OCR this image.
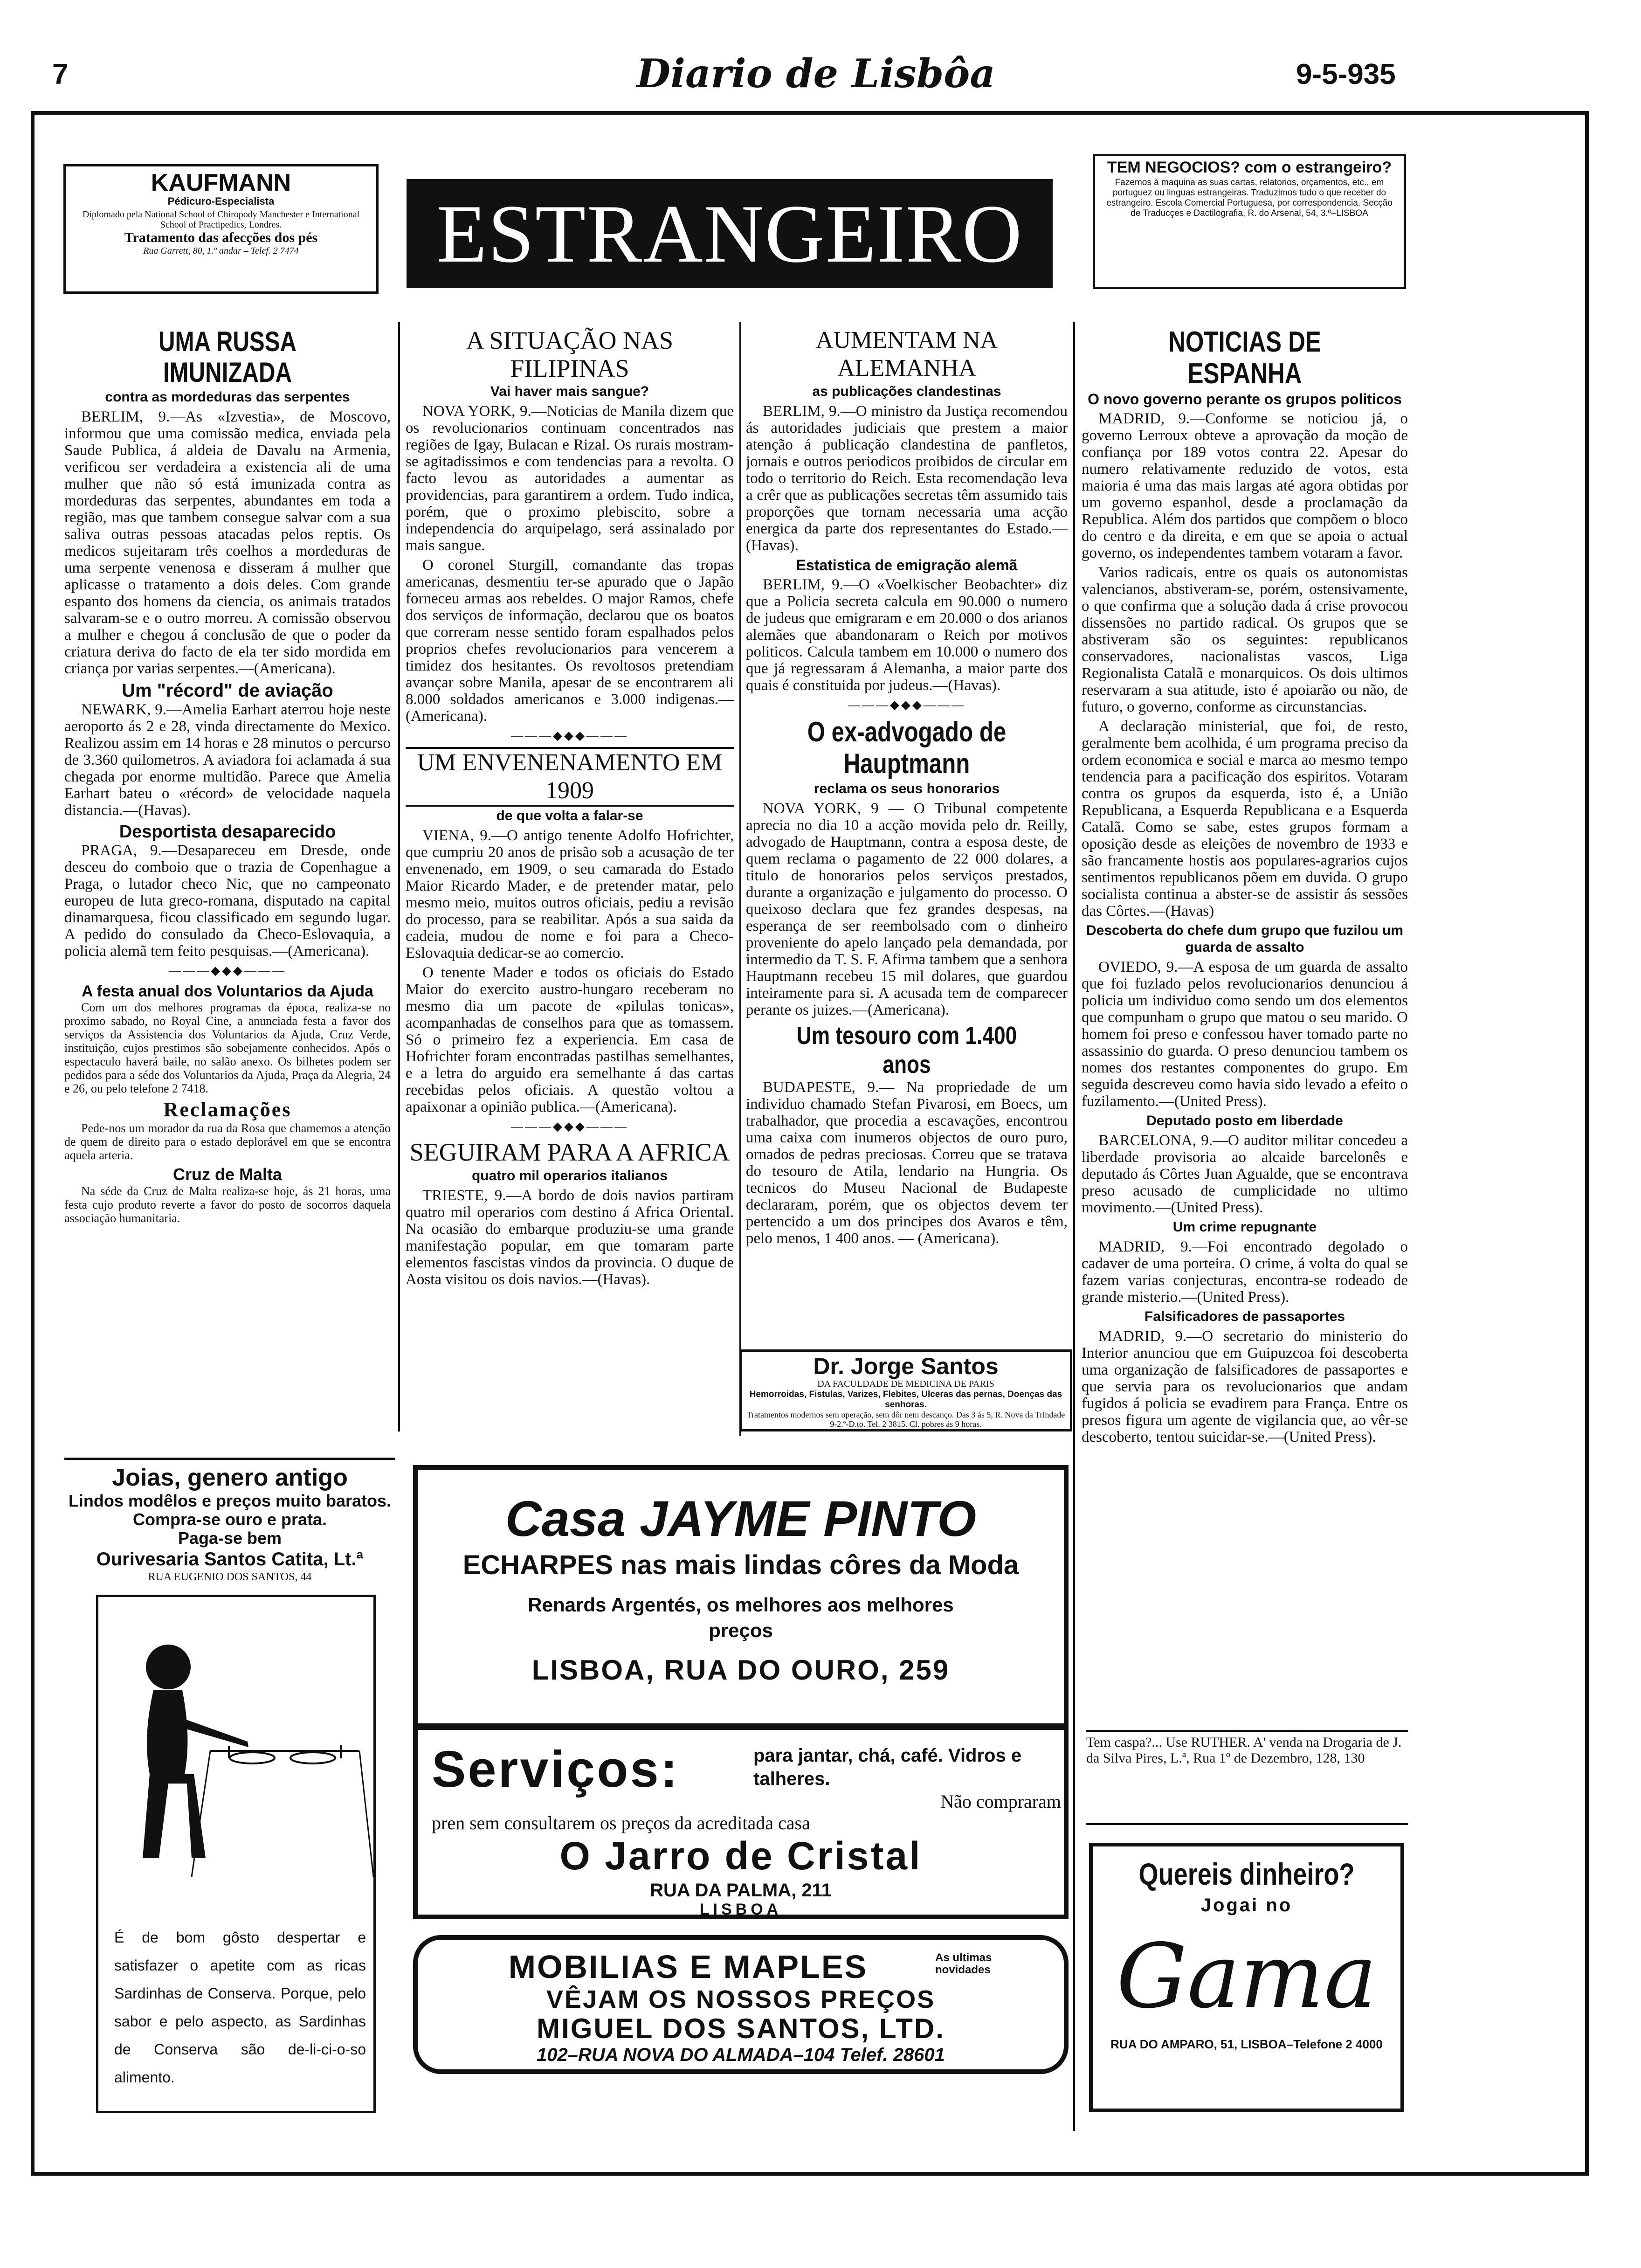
7	Diario de Lisbôa	9-5-935
KAUFMANN
Pédicuro-Especialista
Diplomado pela National School of Chiropody Manchester e International School of Practipedics, Londres.
Tratamento das afecções dos pés
Rua Garrett, 80, 1.º andar – Telef. 2 7474	ESTRANGEIRO
TEM NEGOCIOS? com o estrangeiro?
Fazemos à maquina as suas cartas, relatorios, orçamentos, etc., em portuguez ou linguas estrangeiras. Traduzimos tudo o que receber do estrangeiro. Escola Comercial Portuguesa, por correspondencia. Secção de Traducçes e Dactilografia, R. do Arsenal, 54, 3.º–LISBOA
UMA RUSSA IMUNIZADA
contra as mordeduras das serpentes

BERLIM, 9.—As «Izvestia», de Moscovo, informou que uma comissão medica, enviada pela Saude Publica, á aldeia de Davalu na Armenia, verificou ser verdadeira a existencia ali de uma mulher que não só está imunizada contra as mordeduras das serpentes, abundantes em toda a região, mas que tambem consegue salvar com a sua saliva outras pessoas atacadas pelos reptis. Os medicos sujeitaram três coelhos a mordeduras de uma serpente venenosa e disseram á mulher que aplicasse o tratamento a dois deles. Com grande espanto dos homens da ciencia, os animais tratados salvaram-se e o outro morreu. A comissão observou a mulher e chegou á conclusão de que o poder da criatura deriva do facto de ela ter sido mordida em criança por varias serpentes.—(Americana).

Um "récord" de aviação

NEWARK, 9.—Amelia Earhart aterrou hoje neste aeroporto ás 2 e 28, vinda directamente do Mexico. Realizou assim em 14 horas e 28 minutos o percurso de 3.360 quilometros. A aviadora foi aclamada á sua chegada por enorme multidão. Parece que Amelia Earhart bateu o «récord» de velocidade naquela distancia.—(Havas).

Desportista desaparecido

PRAGA, 9.—Desapareceu em Dresde, onde desceu do comboio que o trazia de Copenhague a Praga, o lutador checo Nic, que no campeonato europeu de luta greco-romana, disputado na capital dinamarquesa, ficou classificado em segundo lugar. A pedido do consulado da Checo-Eslovaquia, a policia alemã tem feito pesquisas.—(Americana).

———◆◆◆———
A festa anual dos Voluntarios da Ajuda

Com um dos melhores programas da época, realiza-se no proximo sabado, no Royal Cine, a anunciada festa a favor dos serviços da Assistencia dos Voluntarios da Ajuda, Cruz Verde, instituição, cujos prestimos são sobejamente conhecidos. Após o espectaculo haverá baile, no salão anexo. Os bilhetes podem ser pedidos para a séde dos Voluntarios da Ajuda, Praça da Alegria, 24 e 26, ou pelo telefone 2 7418.

Reclamações

Pede-nos um morador da rua da Rosa que chamemos a atenção de quem de direito para o estado deplorável em que se encontra aquela arteria.

Cruz de Malta

Na séde da Cruz de Malta realiza-se hoje, ás 21 horas, uma festa cujo produto reverte a favor do posto de socorros daquela associação humanitaria.

Joias, genero antigo
Lindos modêlos e preços muito baratos. Compra-se ouro e prata.
Paga-se bem
Ourivesaria Santos Catita, Lt.ª
RUA EUGENIO DOS SANTOS, 44
É de bom gôsto despertar e satisfazer o apetite com as ricas Sardinhas de Conserva. Porque, pelo sabor e pelo aspecto, as Sardinhas de Conserva são de-li-ci-o-so alimento.
A SITUAÇÃO NAS FILIPINAS
Vai haver mais sangue?

NOVA YORK, 9.—Noticias de Manila dizem que os revolucionarios continuam concentrados nas regiões de Igay, Bulacan e Rizal. Os rurais mostram-se agitadissimos e com tendencias para a revolta. O facto levou as autoridades a aumentar as providencias, para garantirem a ordem. Tudo indica, porém, que o proximo plebiscito, sobre a independencia do arquipelago, será assinalado por mais sangue.

O coronel Sturgill, comandante das tropas americanas, desmentiu ter-se apurado que o Japão forneceu armas aos rebeldes. O major Ramos, chefe dos serviços de informação, declarou que os boatos que correram nesse sentido foram espalhados pelos proprios chefes revolucionarios para vencerem a timidez dos hesitantes. Os revoltosos pretendiam avançar sobre Manila, apesar de se encontrarem ali 8.000 soldados americanos e 3.000 indigenas.—(Americana).

———◆◆◆———
UM ENVENENAMENTO EM 1909
de que volta a falar-se

VIENA, 9.—O antigo tenente Adolfo Hofrichter, que cumpriu 20 anos de prisão sob a acusação de ter envenenado, em 1909, o seu camarada do Estado Maior Ricardo Mader, e de pretender matar, pelo mesmo meio, muitos outros oficiais, pediu a revisão do processo, para se reabilitar. Após a sua saida da cadeia, mudou de nome e foi para a Checo-Eslovaquia dedicar-se ao comercio.

O tenente Mader e todos os oficiais do Estado Maior do exercito austro-hungaro receberam no mesmo dia um pacote de «pilulas tonicas», acompanhadas de conselhos para que as tomassem. Só o primeiro fez a experiencia. Em casa de Hofrichter foram encontradas pastilhas semelhantes, e a letra do arguido era semelhante á das cartas recebidas pelos oficiais. A questão voltou a apaixonar a opinião publica.—(Americana).

———◆◆◆———
SEGUIRAM PARA A AFRICA
quatro mil operarios italianos

TRIESTE, 9.—A bordo de dois navios partiram quatro mil operarios com destino á Africa Oriental. Na ocasião do embarque produziu-se uma grande manifestação popular, em que tomaram parte elementos fascistas vindos da provincia. O duque de Aosta visitou os dois navios.—(Havas).

AUMENTAM NA ALEMANHA
as publicações clandestinas

BERLIM, 9.—O ministro da Justiça recomendou ás autoridades judiciais que prestem a maior atenção á publicação clandestina de panfletos, jornais e outros periodicos proibidos de circular em todo o territorio do Reich. Esta recomendação leva a crêr que as publicações secretas têm assumido tais proporções que tornam necessaria uma acção energica da parte dos representantes do Estado.—(Havas).

Estatistica de emigração alemã

BERLIM, 9.—O «Voelkischer Beobachter» diz que a Policia secreta calcula em 90.000 o numero de judeus que emigraram e em 20.000 o dos arianos alemães que abandonaram o Reich por motivos politicos. Calcula tambem em 10.000 o numero dos que já regressaram á Alemanha, a maior parte dos quais é constituida por judeus.—(Havas).

———◆◆◆———
O ex-advogado de Hauptmann
reclama os seus honorarios

NOVA YORK, 9 — O Tribunal competente aprecia no dia 10 a acção movida pelo dr. Reilly, advogado de Hauptmann, contra a esposa deste, de quem reclama o pagamento de 22 000 dolares, a titulo de honorarios pelos serviços prestados, durante a organização e julgamento do processo. O queixoso declara que fez grandes despesas, na esperança de ser reembolsado com o dinheiro proveniente do apelo lançado pela demandada, por intermedio da T. S. F. Afirma tambem que a senhora Hauptmann recebeu 15 mil dolares, que guardou inteiramente para si. A acusada tem de comparecer perante os juizes.—(Americana).

Um tesouro com 1.400 anos

BUDAPESTE, 9.— Na propriedade de um individuo chamado Stefan Pivarosi, em Boecs, um trabalhador, que procedia a escavações, encontrou uma caixa com inumeros objectos de ouro puro, ornados de pedras preciosas. Correu que se tratava do tesouro de Atila, lendario na Hungria. Os tecnicos do Museu Nacional de Budapeste declararam, porém, que os objectos devem ter pertencido a um dos principes dos Avaros e têm, pelo menos, 1 400 anos. — (Americana).

Dr. Jorge Santos
DA FACULDADE DE MEDICINA DE PARIS
Hemorroidas, Fistulas, Varizes, Flebites, Ulceras das pernas, Doenças das senhoras.
Tratamentos modernos sem operação, sem dôr nem descanço. Das 3 ás 5, R. Nova da Trindade 9-2.º-D.to. Tel. 2 3815. Cl. pobres ás 9 horas.
NOTICIAS DE ESPANHA
O novo governo perante os grupos politicos

MADRID, 9.—Conforme se noticiou já, o governo Lerroux obteve a aprovação da moção de confiança por 189 votos contra 22. Apesar do numero relativamente reduzido de votos, esta maioria é uma das mais largas até agora obtidas por um governo espanhol, desde a proclamação da Republica. Além dos partidos que compõem o bloco do centro e da direita, e em que se apoia o actual governo, os independentes tambem votaram a favor.

Varios radicais, entre os quais os autonomistas valencianos, abstiveram-se, porém, ostensivamente, o que confirma que a solução dada á crise provocou dissensões no partido radical. Os grupos que se abstiveram são os seguintes: republicanos conservadores, nacionalistas vascos, Liga Regionalista Catalã e monarquicos. Os dois ultimos reservaram a sua atitude, isto é apoiarão ou não, de futuro, o governo, conforme as circunstancias.

A declaração ministerial, que foi, de resto, geralmente bem acolhida, é um programa preciso da ordem economica e social e marca ao mesmo tempo tendencia para a pacificação dos espiritos. Votaram contra os grupos da esquerda, isto é, a União Republicana, a Esquerda Republicana e a Esquerda Catalã. Como se sabe, estes grupos formam a oposição desde as eleições de novembro de 1933 e são francamente hostis aos populares-agrarios cujos sentimentos republicanos põem em duvida. O grupo socialista continua a abster-se de assistir ás sessões das Côrtes.—(Havas)

Descoberta do chefe dum grupo que fuzilou um guarda de assalto

OVIEDO, 9.—A esposa de um guarda de assalto que foi fuzlado pelos revolucionarios denunciou á policia um individuo como sendo um dos elementos que compunham o grupo que matou o seu marido. O homem foi preso e confessou haver tomado parte no assassinio do guarda. O preso denunciou tambem os nomes dos restantes componentes do grupo. Em seguida descreveu como havia sido levado a efeito o fuzilamento.—(United Press).

Deputado posto em liberdade

BARCELONA, 9.—O auditor militar concedeu a liberdade provisoria ao alcaide barcelonês e deputado ás Côrtes Juan Agualde, que se encontrava preso acusado de cumplicidade no ultimo movimento.—(United Press).

Um crime repugnante

MADRID, 9.—Foi encontrado degolado o cadaver de uma porteira. O crime, á volta do qual se fazem varias conjecturas, encontra-se rodeado de grande misterio.—(United Press).

Falsificadores de passaportes

MADRID, 9.—O secretario do ministerio do Interior anunciou que em Guipuzcoa foi descoberta uma organização de falsificadores de passaportes e que servia para os revolucionarios que andam fugidos á policia se evadirem para França. Entre os presos figura um agente de vigilancia que, ao vêr-se descoberto, tentou suicidar-se.—(United Press).

Tem caspa?... Use RUTHER. A' venda na Drogaria de J. da Silva Pires, L.ª, Rua 1º de Dezembro, 128, 130
Quereis dinheiro?
Jogai no
Gama
RUA DO AMPARO, 51, LISBOA–Telefone 2 4000
Casa JAYME PINTO
ECHARPES nas mais lindas côres da Moda
Renards Argentés, os melhores aos melhores
preços
LISBOA, RUA DO OURO, 259
Serviços:	para jantar, chá, café. Vidros e talheres.
Não compraram
pren sem consultarem os preços da acreditada casa
O Jarro de Cristal
RUA DA PALMA, 211
LISBOA
MOBILIAS E MAPLES	As ultimas novidades
VÊJAM OS NOSSOS PREÇOS
MIGUEL DOS SANTOS, LTD.
102–RUA NOVA DO ALMADA–104 Telef. 28601
